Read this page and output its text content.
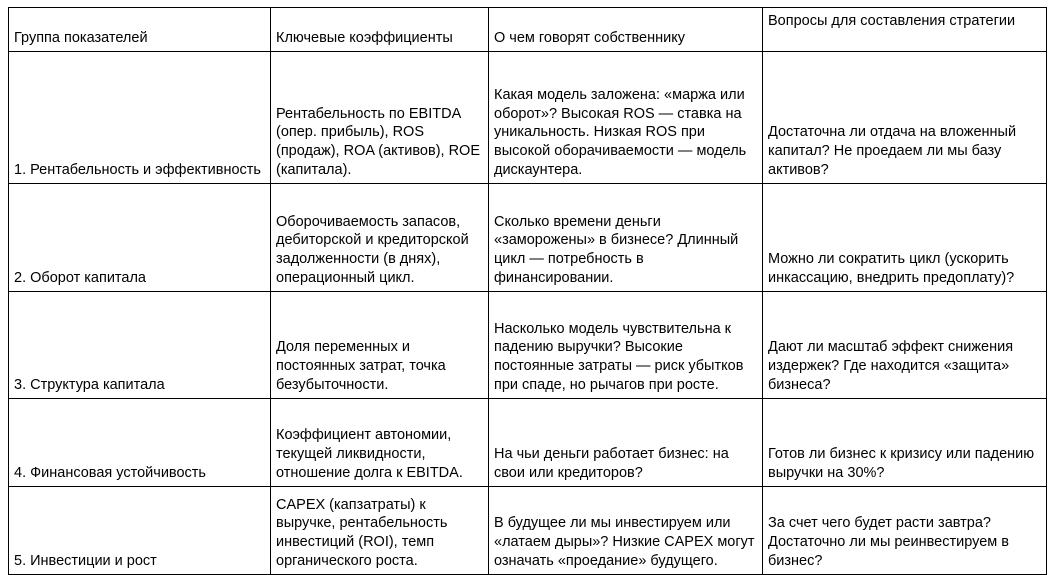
Группа показателей	Ключевые коэффициенты	О чем говорят собственнику	Вопросы для составления стратегии
1. Рентабельность и эффективность	Рентабельность по EBITDA (опер. прибыль), ROS (продаж), ROA (активов), ROE (капитала).	Какая модель заложена: «маржа или оборот»? Высокая ROS — ставка на уникальность. Низкая ROS при высокой оборачиваемости — модель дискаунтера.	Достаточна ли отдача на вложенный капитал? Не проедаем ли мы базу активов?
2. Оборот капитала	Оборочиваемость запасов, дебиторской и кредиторской задолженности (в днях), операционный цикл.	Сколько времени деньги «заморожены» в бизнесе? Длинный цикл — потребность в финансировании.	Можно ли сократить цикл (ускорить инкассацию, внедрить предоплату)?
3. Структура капитала	Доля переменных и постоянных затрат, точка безубыточности.	Насколько модель чувствительна к падению выручки? Высокие постоянные затраты — риск убытков при спаде, но рычагов при росте.	Дают ли масштаб эффект снижения издержек? Где находится «защита» бизнеса?
4. Финансовая устойчивость	Коэффициент автономии, текущей ликвидности, отношение долга к EBITDA.	На чьи деньги работает бизнес: на свои или кредиторов?	Готов ли бизнес к кризису или падению выручки на 30%?
5. Инвестиции и рост	CAPEX (капзатраты) к выручке, рентабельность инвестиций (ROI), темп органического роста.	В будущее ли мы инвестируем или «латаем дыры»? Низкие CAPEX могут означать «проедание» будущего.	За счет чего будет расти завтра? Достаточно ли мы реинвестируем в бизнес?
